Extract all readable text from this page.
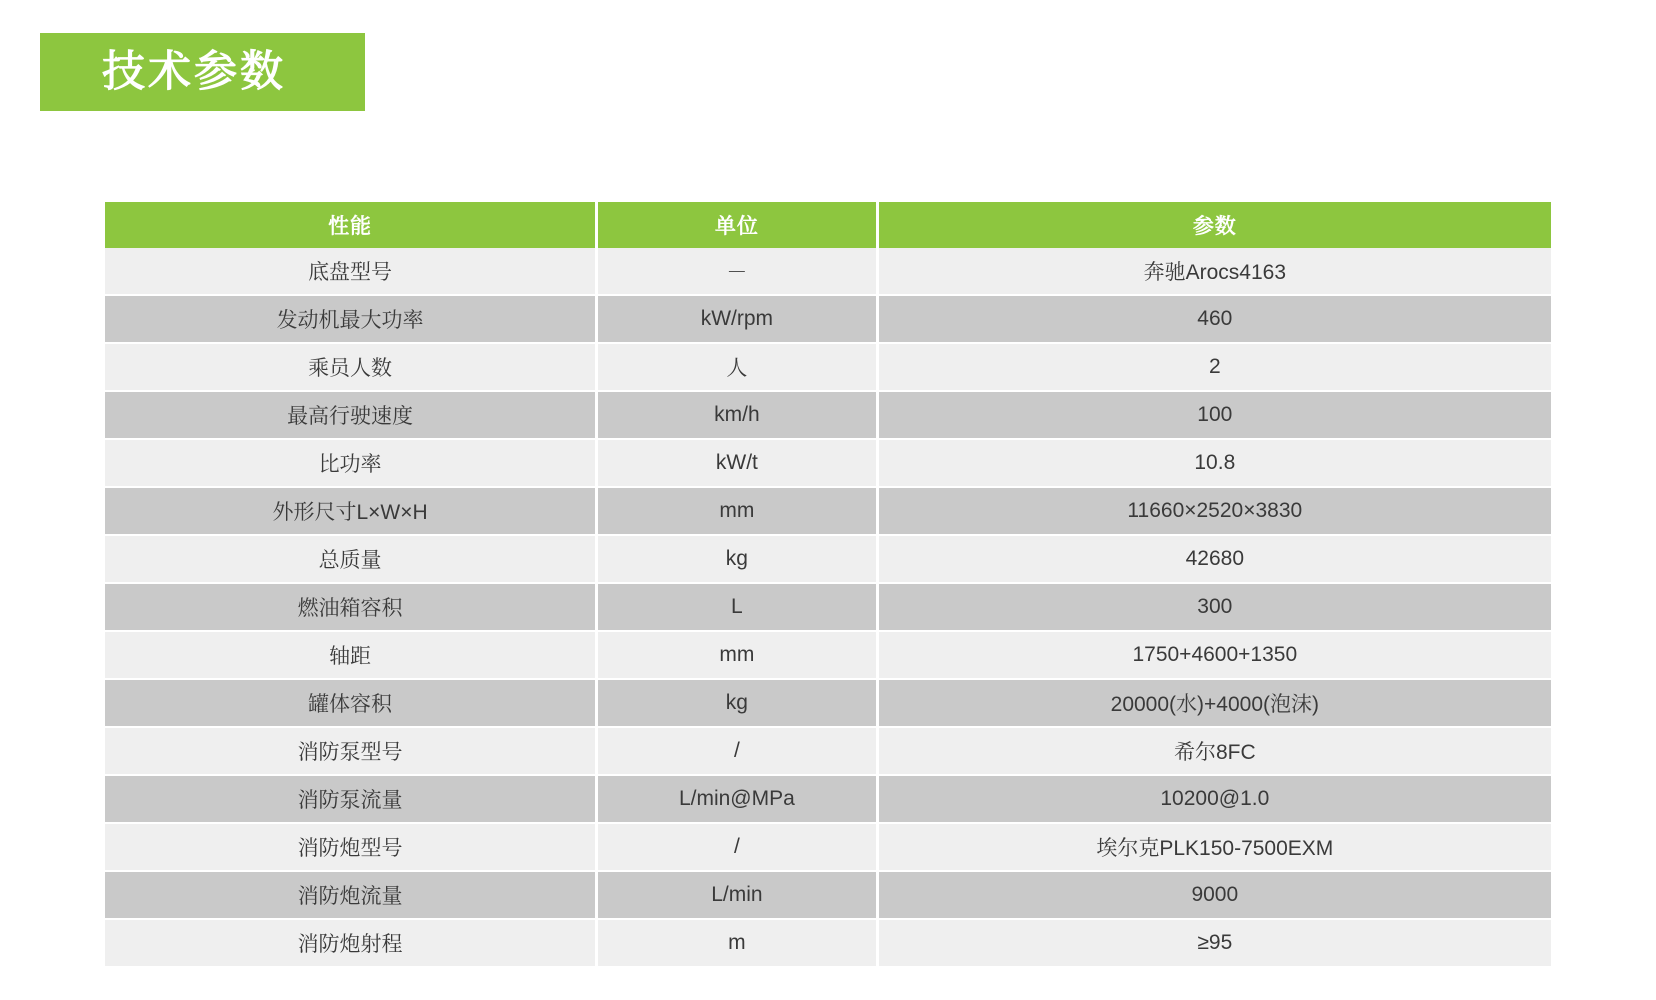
技术参数
性能	单位	参数
底盘型号	－	奔驰Arocs4163
发动机最大功率	kW/rpm	460
乘员人数	人	2
最高行驶速度	km/h	100
比功率	kW/t	10.8
外形尺寸L×W×H	mm	11660×2520×3830
总质量	kg	42680
燃油箱容积	L	300
轴距	mm	1750+4600+1350
罐体容积	kg	20000(水)+4000(泡沫)
消防泵型号	/	希尔8FC
消防泵流量	L/min@MPa	10200@1.0
消防炮型号	/	埃尔克PLK150-7500EXM
消防炮流量	L/min	9000
消防炮射程	m	≥95
